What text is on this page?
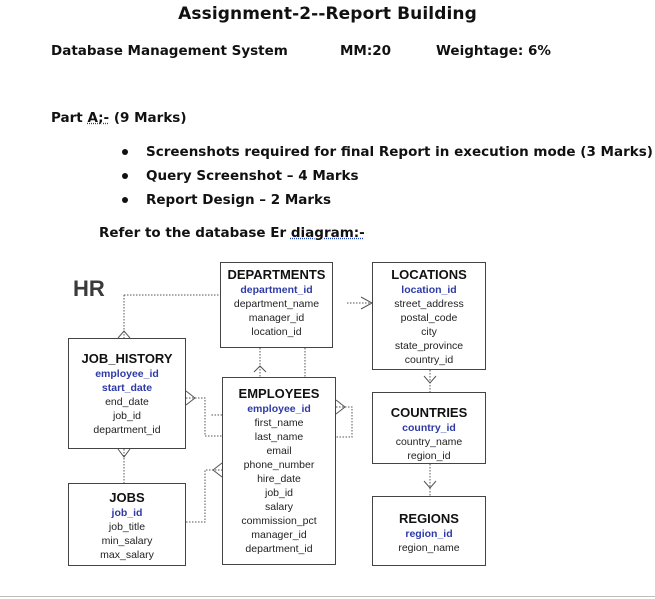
Assignment-2--Report Building
Database Management System	MM:20	Weightage: 6%
Part A;- (9 Marks)
Screenshots required for final Report in execution mode (3 Marks)
Query Screenshot – 4 Marks
Report Design – 2 Marks
Refer to the database Er diagram:-
HR
DEPARTMENTS
department_id
department_name
manager_id
location_id
LOCATIONS
location_id
street_address
postal_code
city
state_province
country_id
JOB_HISTORY
employee_id
start_date
end_date
job_id
department_id
EMPLOYEES
employee_id
first_name
last_name
email
phone_number
hire_date
job_id
salary
commission_pct
manager_id
department_id
COUNTRIES
country_id
country_name
region_id
JOBS
job_id
job_title
min_salary
max_salary
REGIONS
region_id
region_name
